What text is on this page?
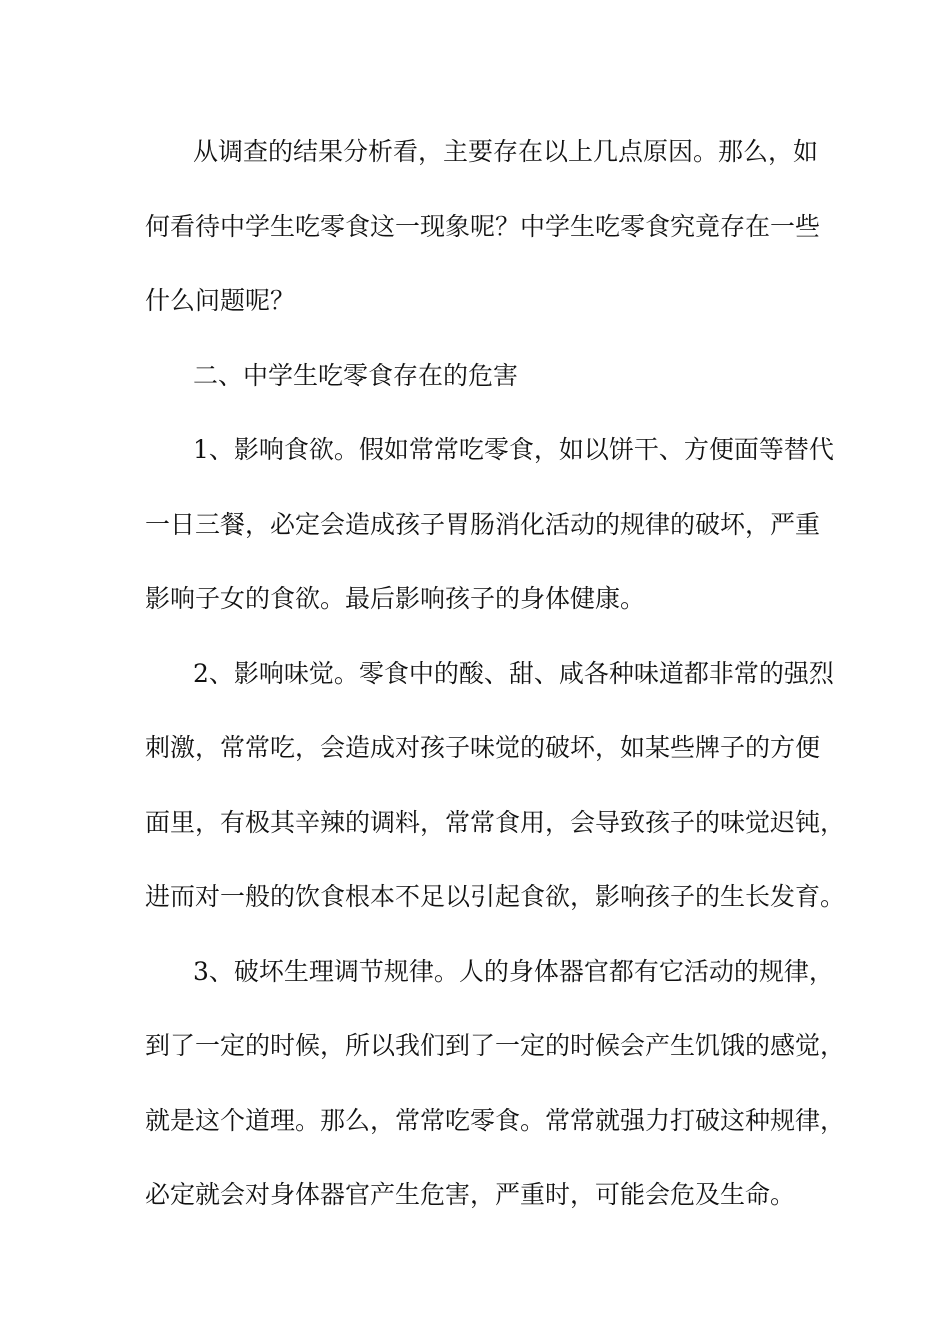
从调查的结果分析看，主要存在以上几点原因。那么，如
何看待中学生吃零食这一现象呢？中学生吃零食究竟存在一些
什么问题呢？
二、中学生吃零食存在的危害
1、影响食欲。假如常常吃零食，如以饼干、方便面等替代
一日三餐，必定会造成孩子胃肠消化活动的规律的破坏，严重
影响子女的食欲。最后影响孩子的身体健康。
2、影响味觉。零食中的酸、甜、咸各种味道都非常的强烈
刺激，常常吃，会造成对孩子味觉的破坏，如某些牌子的方便
面里，有极其辛辣的调料，常常食用，会导致孩子的味觉迟钝，
进而对一般的饮食根本不足以引起食欲，影响孩子的生长发育。
3、破坏生理调节规律。人的身体器官都有它活动的规律，
到了一定的时候，所以我们到了一定的时候会产生饥饿的感觉，
就是这个道理。那么，常常吃零食。常常就强力打破这种规律，
必定就会对身体器官产生危害，严重时，可能会危及生命。
